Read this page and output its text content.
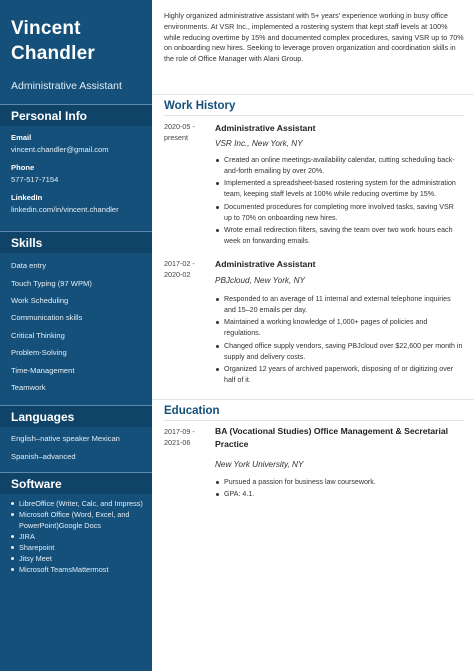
Vincent
Chandler
Administrative Assistant
Personal Info
Email
vincent.chandler@gmail.com
Phone
577-517-7154
LinkedIn
linkedin.com/in/vincent.chandler
Skills
Data entry
Touch Typing (97 WPM)
Work Scheduling
Communication skills
Critical Thinking
Problem-Solving
Time-Management
Teamwork
Languages
English–native speaker Mexican
Spanish–advanced
Software
LibreOffice (Writer, Calc, and Impress)
Microsoft Office (Word, Excel, and PowerPoint)Google Docs
JIRA
Sharepoint
Jitsy Meet
Microsoft TeamsMattermost
Highly organized administrative assistant with 5+ years' experience working in busy office environments. At VSR Inc., implemented a rostering system that kept staff levels at 100% while reducing overtime by 15% and documented complex procedures, saving VSR up to 70% on onboarding new hires. Seeking to leverage proven organization and coordination skills in the role of Office Manager with Alani Group.
Work History
2020-05 - present
Administrative Assistant
VSR Inc., New York, NY
Created an online meetings-availability calendar, cutting scheduling back-and-forth emailing by over 20%.
Implemented a spreadsheet-based rostering system for the administration team, keeping staff levels at 100% while reducing overtime by 15%.
Documented procedures for completing more involved tasks, saving VSR up to 70% on onboarding new hires.
Wrote email redirection filters, saving the team over two work hours each week on forwarding emails.
2017-02 - 2020-02
Administrative Assistant
PBJcloud, New York, NY
Responded to an average of 11 internal and external telephone inquiries and 15–20 emails per day.
Maintained a working knowledge of 1,000+ pages of policies and regulations.
Changed office supply vendors, saving PBJcloud over $22,600 per month in supply and delivery costs.
Organized 12 years of archived paperwork, disposing of or digitizing over half of it.
Education
2017-09 - 2021-06
BA (Vocational Studies) Office Management & Secretarial Practice
New York University, NY
Pursued a passion for business law coursework.
GPA: 4.1.
